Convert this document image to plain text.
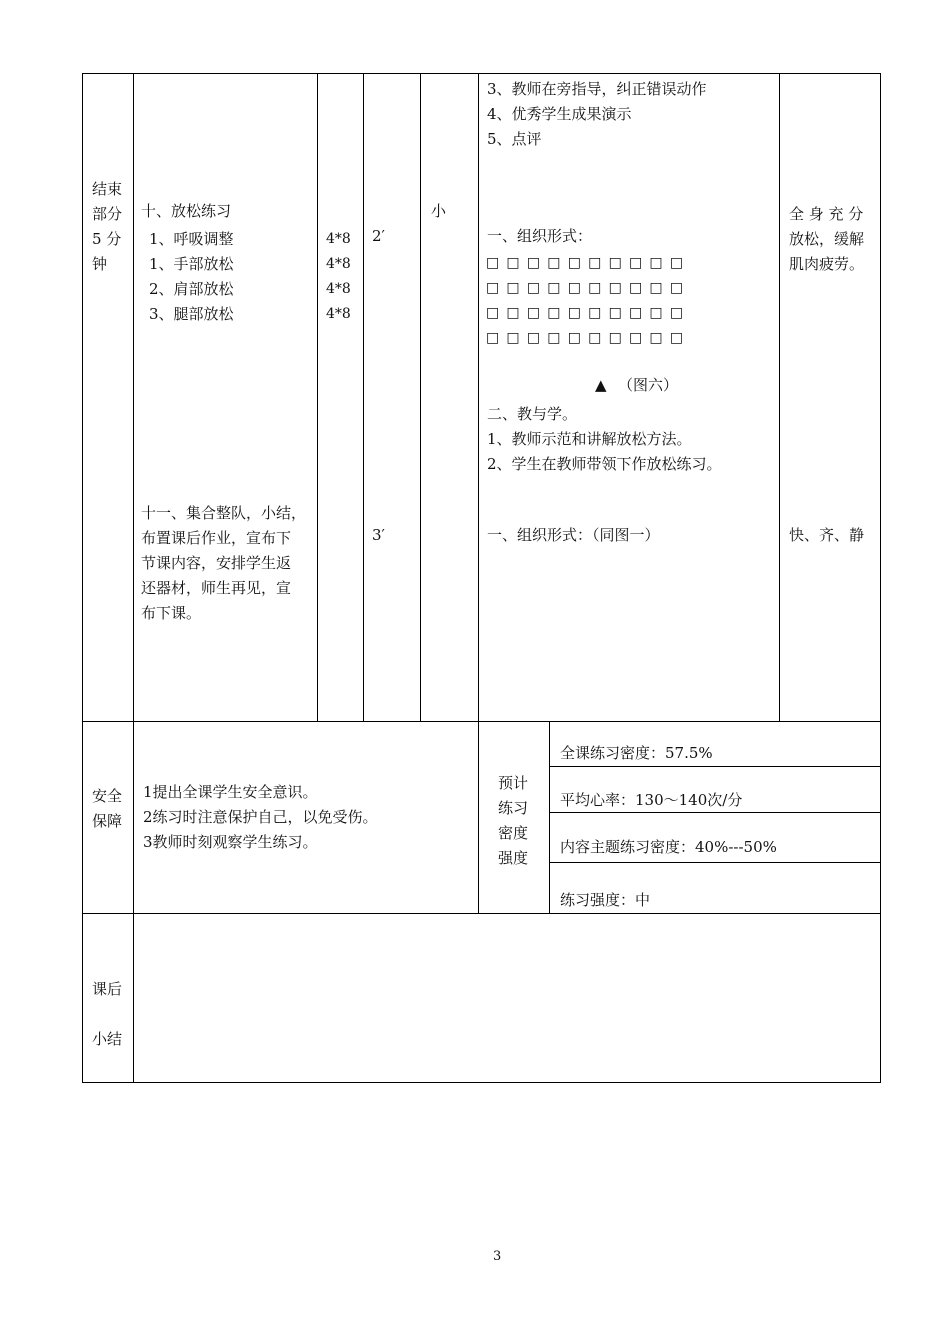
结束
部分
5 分
钟
十、放松练习
1、呼吸调整
1、手部放松
2、肩部放松
3、腿部放松
4*8
4*8
4*8
4*8
2′
小
3、教师在旁指导，纠正错误动作
4、优秀学生成果演示
5、点评
一、组织形式：
□□□□□□□□□□
□□□□□□□□□□
□□□□□□□□□□
□□□□□□□□□□
▲ （图六）
二、教与学。
1、教师示范和讲解放松方法。
2、学生在教师带领下作放松练习。
全 身 充 分
放松，缓解
肌肉疲劳。
十一、集合整队，小结，
布置课后作业，宣布下
节课内容，安排学生返
还器材，师生再见，宣
布下课。
3′	一、组织形式：（同图一）	快、齐、静
安全
保障
1提出全课学生安全意识。
2练习时注意保护自己，以免受伤。
3教师时刻观察学生练习。
预计
练习
密度
强度
全课练习密度：57.5%
平均心率：130～140次/分
内容主题练习密度：40%---50%
练习强度：中
课后
小结
3
